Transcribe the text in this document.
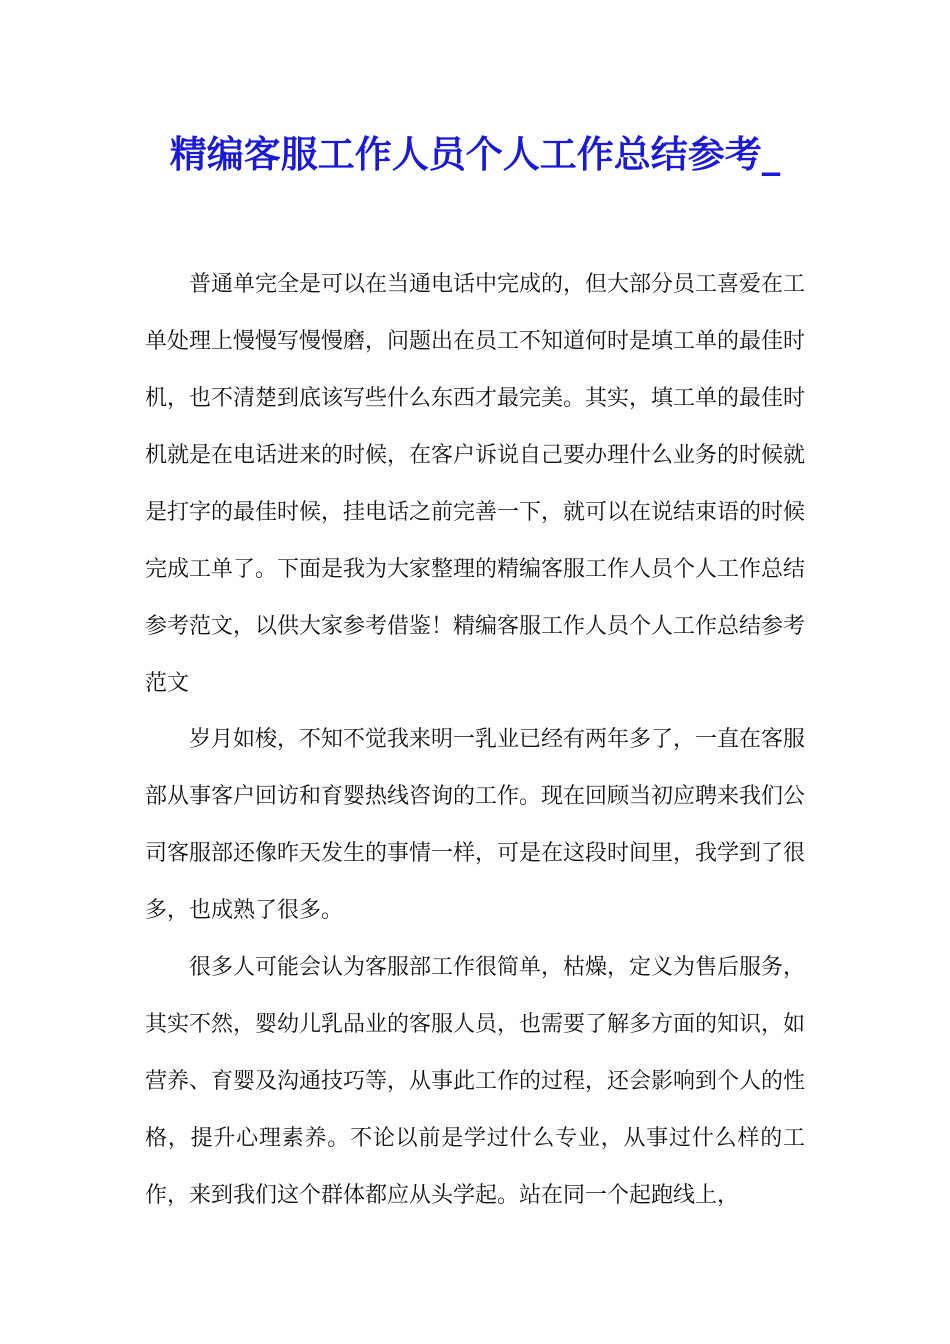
精编客服工作人员个人工作总结参考_

普通单完全是可以在当通电话中完成的，但大部分员工喜爱在工单处理上慢慢写慢慢磨，问题出在员工不知道何时是填工单的最佳时机，也不清楚到底该写些什么东西才最完美。其实，填工单的最佳时机就是在电话进来的时候，在客户诉说自己要办理什么业务的时候就是打字的最佳时候，挂电话之前完善一下，就可以在说结束语的时候完成工单了。下面是我为大家整理的精编客服工作人员个人工作总结参考范文，以供大家参考借鉴！精编客服工作人员个人工作总结参考范文

岁月如梭，不知不觉我来明一乳业已经有两年多了，一直在客服部从事客户回访和育婴热线咨询的工作。现在回顾当初应聘来我们公司客服部还像昨天发生的事情一样，可是在这段时间里，我学到了很多，也成熟了很多。

很多人可能会认为客服部工作很简单，枯燥，定义为售后服务，其实不然，婴幼儿乳品业的客服人员，也需要了解多方面的知识，如营养、育婴及沟通技巧等，从事此工作的过程，还会影响到个人的性格，提升心理素养。不论以前是学过什么专业，从事过什么样的工作，来到我们这个群体都应从头学起。站在同一个起跑线上，
